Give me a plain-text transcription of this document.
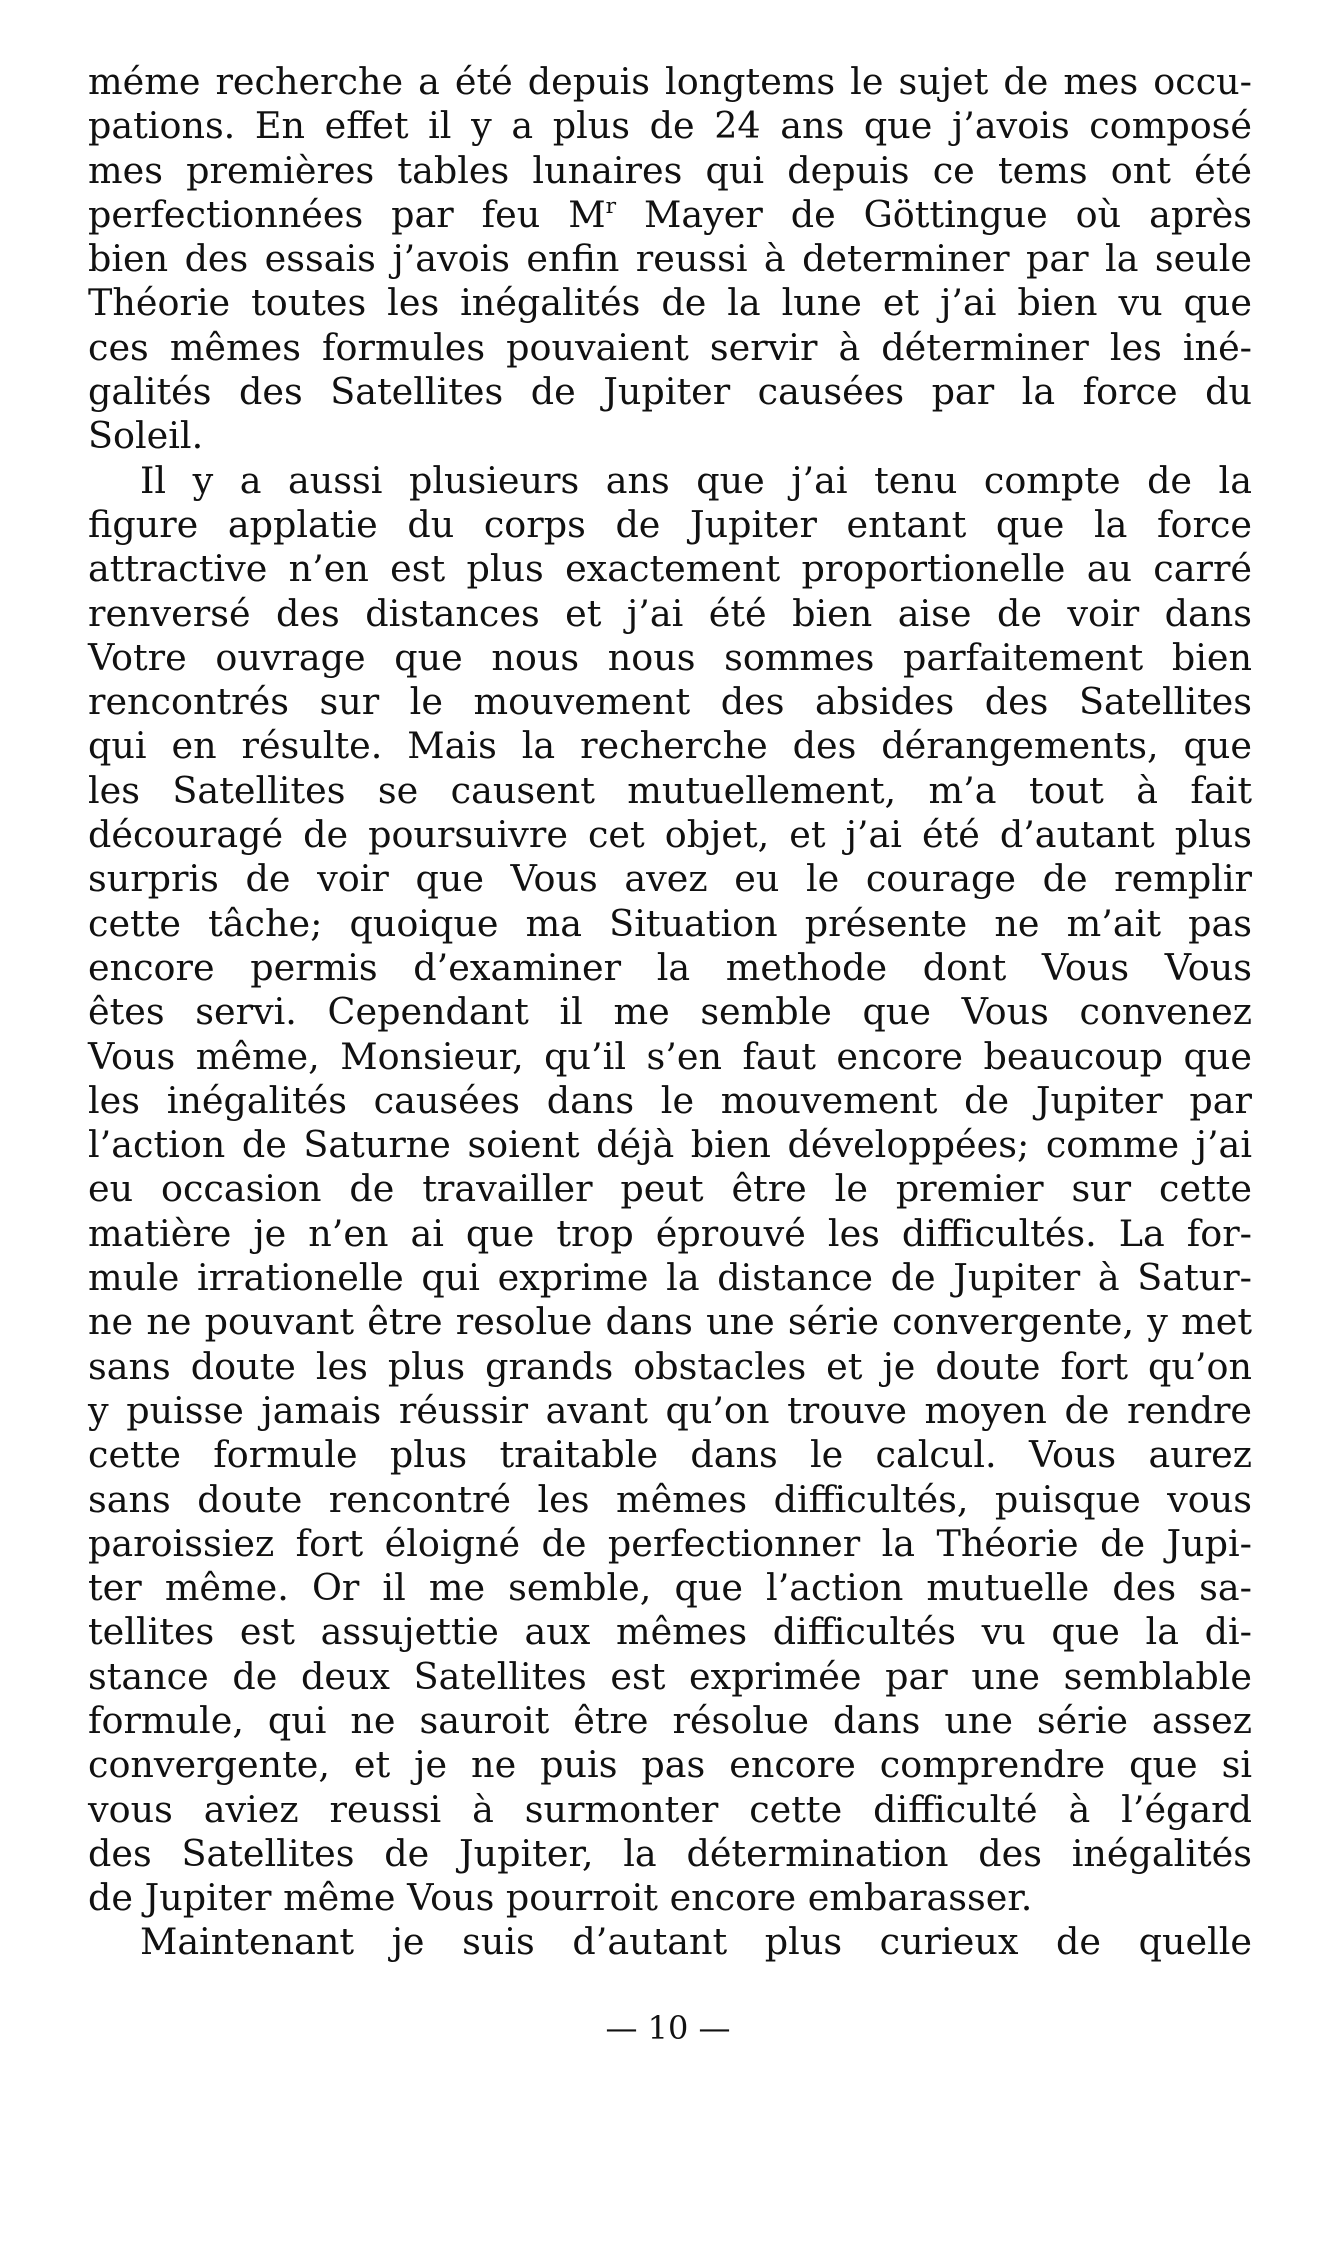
méme recherche a été depuis longtems le sujet de mes occu-
pations. En effet il y a plus de 24 ans que j’avois composé
mes premières tables lunaires qui depuis ce tems ont été
perfectionnées par feu $M^r$ Mayer de Göttingue où après
bien des essais j’avois enfin reussi à determiner par la seule
Théorie toutes les inégalités de la lune et j’ai bien vu que
ces mêmes formules pouvaient servir à déterminer les iné-
galités des Satellites de Jupiter causées par la force du
Soleil.
Il y a aussi plusieurs ans que j’ai tenu compte de la
figure applatie du corps de Jupiter entant que la force
attractive n’en est plus exactement proportionelle au carré
renversé des distances et j’ai été bien aise de voir dans
Votre ouvrage que nous nous sommes parfaitement bien
rencontrés sur le mouvement des absides des Satellites
qui en résulte. Mais la recherche des dérangements, que
les Satellites se causent mutuellement, m’a tout à fait
découragé de poursuivre cet objet, et j’ai été d’autant plus
surpris de voir que Vous avez eu le courage de remplir
cette tâche; quoique ma Situation présente ne m’ait pas
encore permis d’examiner la methode dont Vous Vous
êtes servi. Cependant il me semble que Vous convenez
Vous même, Monsieur, qu’il s’en faut encore beaucoup que
les inégalités causées dans le mouvement de Jupiter par
l’action de Saturne soient déjà bien développées; comme j’ai
eu occasion de travailler peut être le premier sur cette
matière je n’en ai que trop éprouvé les difficultés. La for-
mule irrationelle qui exprime la distance de Jupiter à Satur-
ne ne pouvant être resolue dans une série convergente, y met
sans doute les plus grands obstacles et je doute fort qu’on
y puisse jamais réussir avant qu’on trouve moyen de rendre
cette formule plus traitable dans le calcul. Vous aurez
sans doute rencontré les mêmes difficultés, puisque vous
paroissiez fort éloigné de perfectionner la Théorie de Jupi-
ter même. Or il me semble, que l’action mutuelle des sa-
tellites est assujettie aux mêmes difficultés vu que la di-
stance de deux Satellites est exprimée par une semblable
formule, qui ne sauroit être résolue dans une série assez
convergente, et je ne puis pas encore comprendre que si
vous aviez reussi à surmonter cette difficulté à l’égard
des Satellites de Jupiter, la détermination des inégalités
de Jupiter même Vous pourroit encore embarasser.
Maintenant je suis d’autant plus curieux de quelle
— 10 —
